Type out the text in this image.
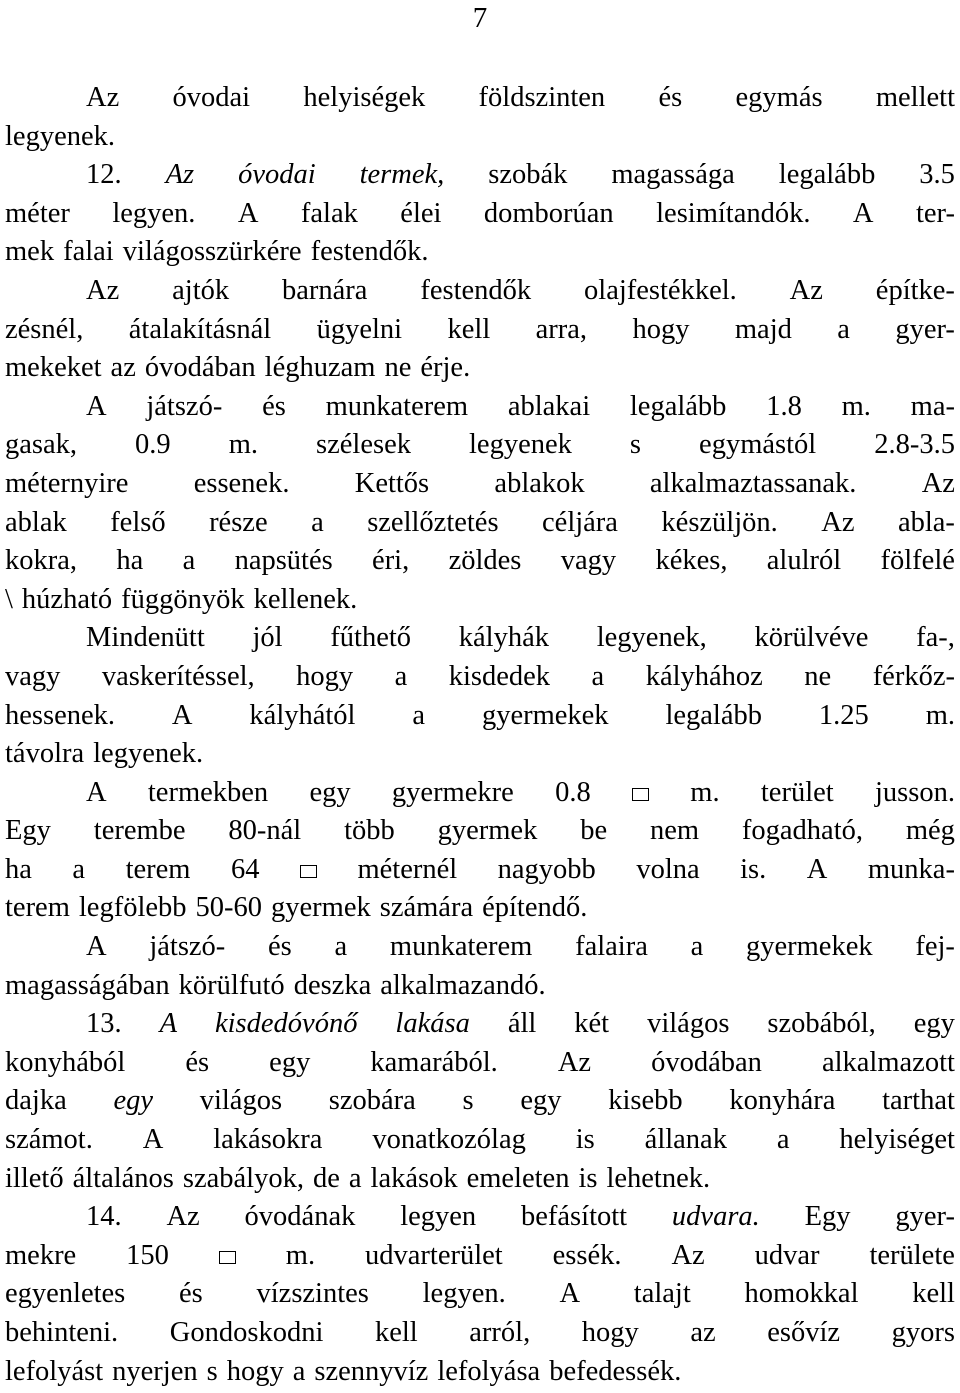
7
Az óvodai helyiségek földszinten és egymás mellett
legyenek.
12. Az óvodai termek, szobák magassága legalább 3.5
méter legyen. A falak élei domborúan lesimítandók. A ter-
mek falai világosszürkére festendők.
Az ajtók barnára festendők olajfestékkel. Az építke-
zésnél, átalakításnál ügyelni kell arra, hogy majd a gyer-
mekeket az óvodában léghuzam ne érje.
A játszó- és munkaterem ablakai legalább 1.8 m. ma-
gasak, 0.9 m. szélesek legyenek s egymástól 2.8-3.5
méternyire essenek. Kettős ablakok alkalmaztassanak. Az
ablak felső része a szellőztetés céljára készüljön. Az abla-
kokra, ha a napsütés éri, zöldes vagy kékes, alulról fölfelé
\ húzható függönyök kellenek.
Mindenütt jól fűthető kályhák legyenek, körülvéve fa-,
vagy vaskerítéssel, hogy a kisdedek a kályhához ne férkőz-
hessenek. A kályhától a gyermekek legalább 1.25 m.
távolra legyenek.
A termekben egy gyermekre 0.8	m. terület jusson.
Egy terembe 80-nál több gyermek be nem fogadható, még
ha a terem 64	méternél nagyobb volna is. A munka-
terem legfölebb 50-60 gyermek számára építendő.
A játszó- és a munkaterem falaira a gyermekek fej-
magasságában körülfutó deszka alkalmazandó.
13. A kisdedóvónő lakása áll két világos szobából, egy
konyhából és egy kamarából. Az óvodában alkalmazott
dajka egy világos szobára s egy kisebb konyhára tarthat
számot. A lakásokra vonatkozólag is állanak a helyiséget
illető általános szabályok, de a lakások emeleten is lehetnek.
14. Az óvodának legyen befásított udvara. Egy gyer-
mekre 150	m. udvarterület essék. Az udvar területe
egyenletes és vízszintes legyen. A talajt homokkal kell
behinteni. Gondoskodni kell arról, hogy az esővíz gyors
lefolyást nyerjen s hogy a szennyvíz lefolyása befedessék.
